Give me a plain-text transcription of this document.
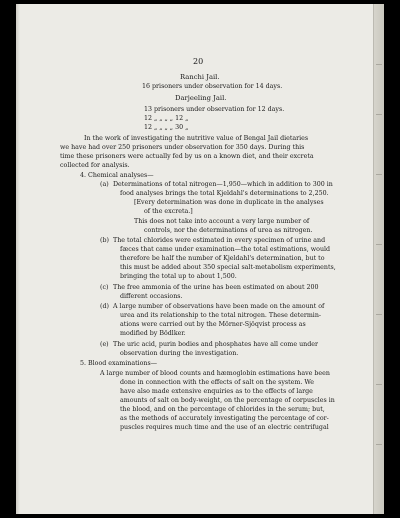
20
Ranchi Jail.
16 prisoners under observation for 14 days.
Darjeeling Jail.
13 prisoners under observation for 12 days.
12 „ „ „ „ 12 „
12 „ „ „ „ 30 „
In the work of investigating the nutritive value of Bengal Jail dietaries
we have had over 250 prisoners under observation for 350 days. During this
time these prisoners were actually fed by us on a known diet, and their excreta
collected for analysis.
4. Chemical analyses—
(a) Determinations of total nitrogen—1,950—which in addition to 300 in
food analyses brings the total Kjeldahl's determinations to 2,250.
[Every determination was done in duplicate in the analyses
of the excreta.]
This does not take into account a very large number of
controls, nor the determinations of urea as nitrogen.
(b) The total chlorides were estimated in every specimen of urine and
fæces that came under examination—the total estimations, would
therefore be half the number of Kjeldahl's determination, but to
this must be added about 350 special salt-metabolism experiments,
bringing the total up to about 1,500.
(c) The free ammonia of the urine has been estimated on about 200
different occasions.
(d) A large number of observations have been made on the amount of
urea and its relationship to the total nitrogen. These determin-
ations were carried out by the Mörner-Sjöqvist process as
modified by Bödlker.
(e) The uric acid, purin bodies and phosphates have all come under
observation during the investigation.
5. Blood examinations—
A large number of blood counts and hæmoglobin estimations have been
done in connection with the effects of salt on the system. We
have also made extensive enquiries as to the effects of large
amounts of salt on body-weight, on the percentage of corpuscles in
the blood, and on the percentage of chlorides in the serum; but,
as the methods of accurately investigating the percentage of cor-
puscles requires much time and the use of an electric centrifugal
